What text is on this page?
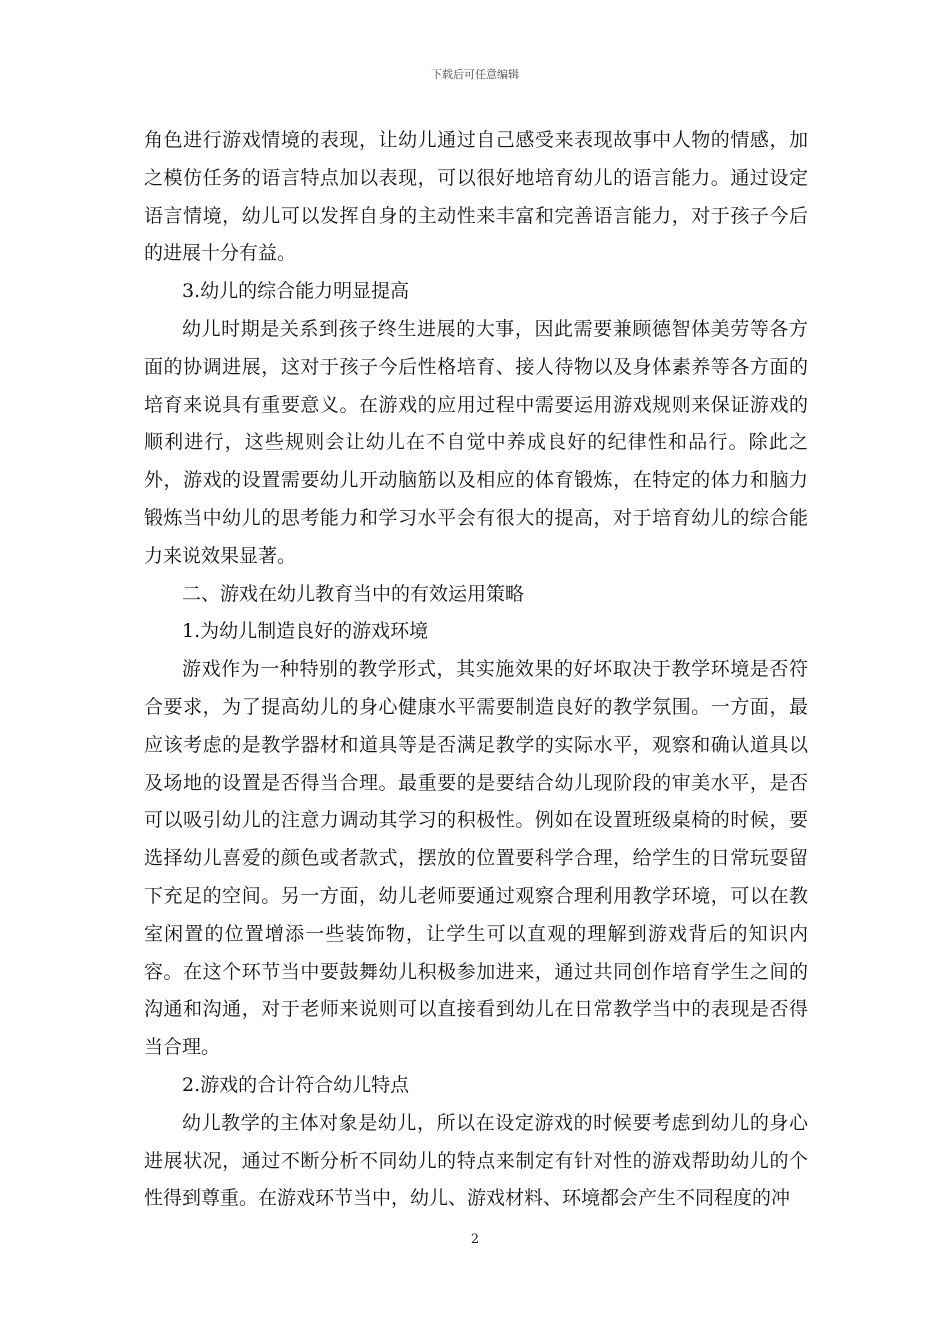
下载后可任意编辑

角色进行游戏情境的表现，让幼儿通过自己感受来表现故事中人物的情感，加之模仿任务的语言特点加以表现，可以很好地培育幼儿的语言能力。通过设定语言情境，幼儿可以发挥自身的主动性来丰富和完善语言能力，对于孩子今后的进展十分有益。

3.幼儿的综合能力明显提高

幼儿时期是关系到孩子终生进展的大事，因此需要兼顾德智体美劳等各方面的协调进展，这对于孩子今后性格培育、接人待物以及身体素养等各方面的培育来说具有重要意义。在游戏的应用过程中需要运用游戏规则来保证游戏的顺利进行，这些规则会让幼儿在不自觉中养成良好的纪律性和品行。除此之外，游戏的设置需要幼儿开动脑筋以及相应的体育锻炼，在特定的体力和脑力锻炼当中幼儿的思考能力和学习水平会有很大的提高，对于培育幼儿的综合能力来说效果显著。

二、游戏在幼儿教育当中的有效运用策略

1.为幼儿制造良好的游戏环境

游戏作为一种特别的教学形式，其实施效果的好坏取决于教学环境是否符合要求，为了提高幼儿的身心健康水平需要制造良好的教学氛围。一方面，最应该考虑的是教学器材和道具等是否满足教学的实际水平，观察和确认道具以及场地的设置是否得当合理。最重要的是要结合幼儿现阶段的审美水平，是否可以吸引幼儿的注意力调动其学习的积极性。例如在设置班级桌椅的时候，要选择幼儿喜爱的颜色或者款式，摆放的位置要科学合理，给学生的日常玩耍留下充足的空间。另一方面，幼儿老师要通过观察合理利用教学环境，可以在教室闲置的位置增添一些装饰物，让学生可以直观的理解到游戏背后的知识内容。在这个环节当中要鼓舞幼儿积极参加进来，通过共同创作培育学生之间的沟通和沟通，对于老师来说则可以直接看到幼儿在日常教学当中的表现是否得当合理。

2.游戏的合计符合幼儿特点

幼儿教学的主体对象是幼儿，所以在设定游戏的时候要考虑到幼儿的身心进展状况，通过不断分析不同幼儿的特点来制定有针对性的游戏帮助幼儿的个性得到尊重。在游戏环节当中，幼儿、游戏材料、环境都会产生不同程度的冲

2
